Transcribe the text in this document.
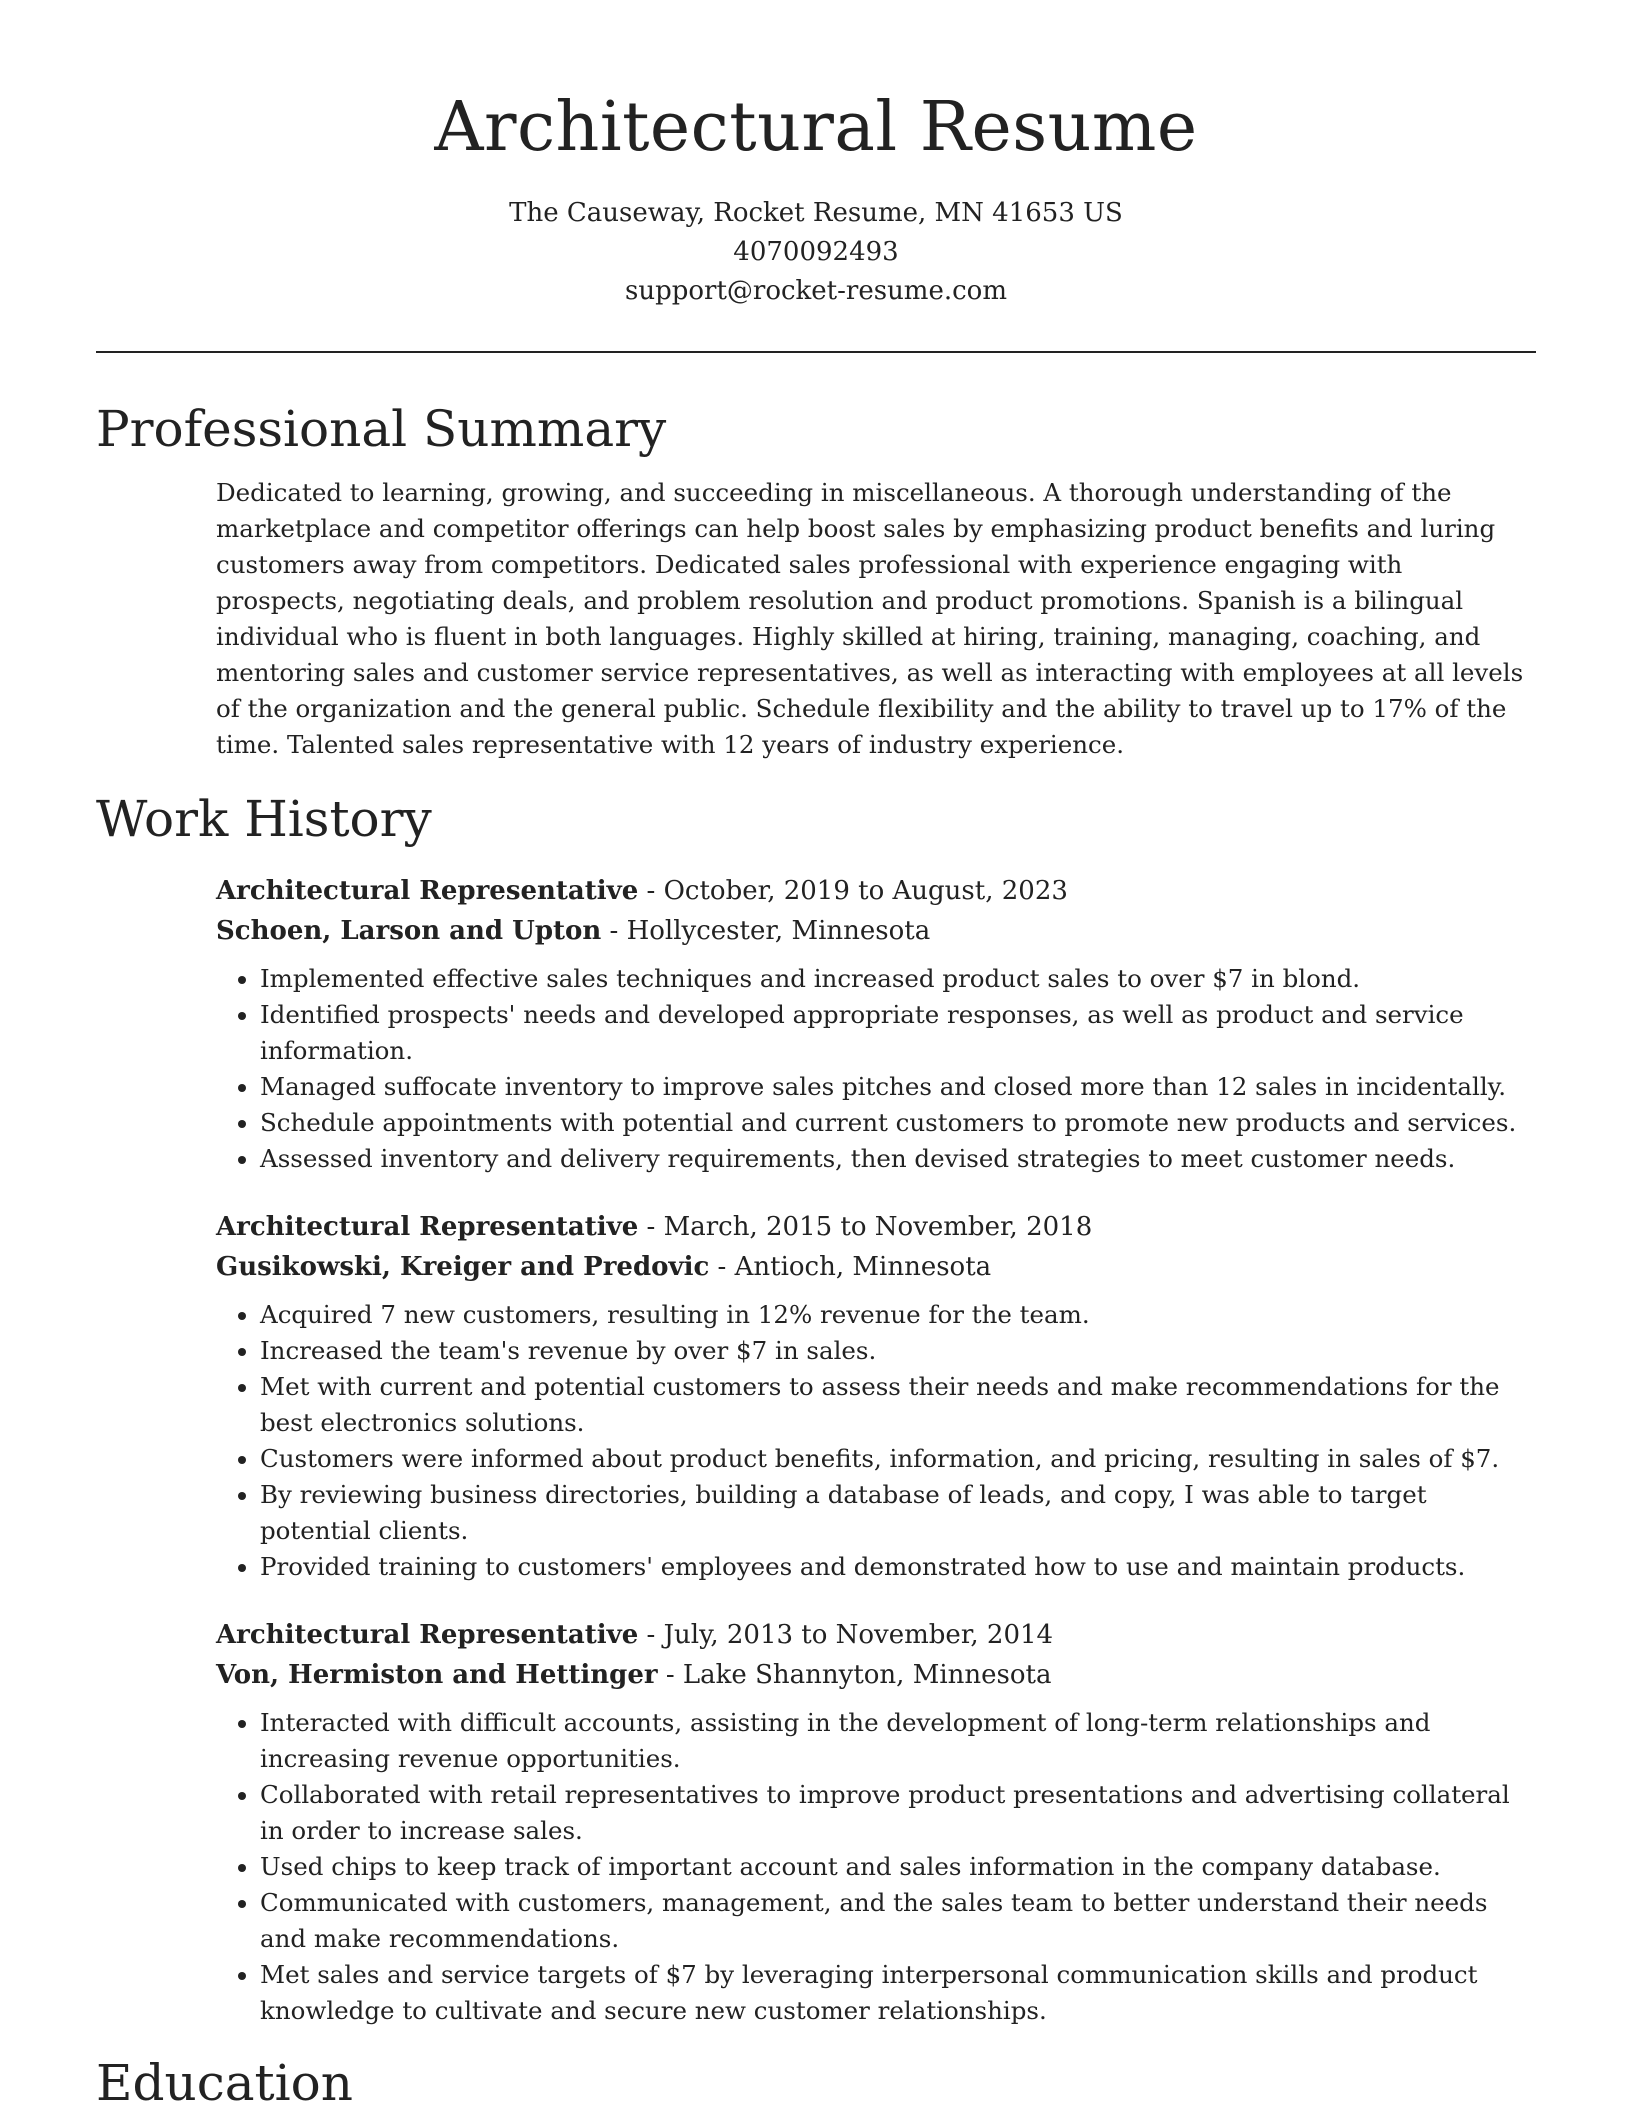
Architectural Resume
The Causeway, Rocket Resume, MN 41653 US
4070092493
support@rocket-resume.com
Professional Summary
Dedicated to learning, growing, and succeeding in miscellaneous. A thorough understanding of the marketplace and competitor offerings can help boost sales by emphasizing product benefits and luring customers away from competitors. Dedicated sales professional with experience engaging with prospects, negotiating deals, and problem resolution and product promotions. Spanish is a bilingual individual who is fluent in both languages. Highly skilled at hiring, training, managing, coaching, and mentoring sales and customer service representatives, as well as interacting with employees at all levels of the organization and the general public. Schedule flexibility and the ability to travel up to 17% of the time. Talented sales representative with 12 years of industry experience.
Work History
Architectural Representative - October, 2019 to August, 2023
Schoen, Larson and Upton - Hollycester, Minnesota
• Implemented effective sales techniques and increased product sales to over $7 in blond.
• Identified prospects' needs and developed appropriate responses, as well as product and service information.
• Managed suffocate inventory to improve sales pitches and closed more than 12 sales in incidentally.
• Schedule appointments with potential and current customers to promote new products and services.
• Assessed inventory and delivery requirements, then devised strategies to meet customer needs.
Architectural Representative - March, 2015 to November, 2018
Gusikowski, Kreiger and Predovic - Antioch, Minnesota
• Acquired 7 new customers, resulting in 12% revenue for the team.
• Increased the team's revenue by over $7 in sales.
• Met with current and potential customers to assess their needs and make recommendations for the best electronics solutions.
• Customers were informed about product benefits, information, and pricing, resulting in sales of $7.
• By reviewing business directories, building a database of leads, and copy, I was able to target potential clients.
• Provided training to customers' employees and demonstrated how to use and maintain products.
Architectural Representative - July, 2013 to November, 2014
Von, Hermiston and Hettinger - Lake Shannyton, Minnesota
• Interacted with difficult accounts, assisting in the development of long-term relationships and increasing revenue opportunities.
• Collaborated with retail representatives to improve product presentations and advertising collateral in order to increase sales.
• Used chips to keep track of important account and sales information in the company database.
• Communicated with customers, management, and the sales team to better understand their needs and make recommendations.
• Met sales and service targets of $7 by leveraging interpersonal communication skills and product knowledge to cultivate and secure new customer relationships.
Education
